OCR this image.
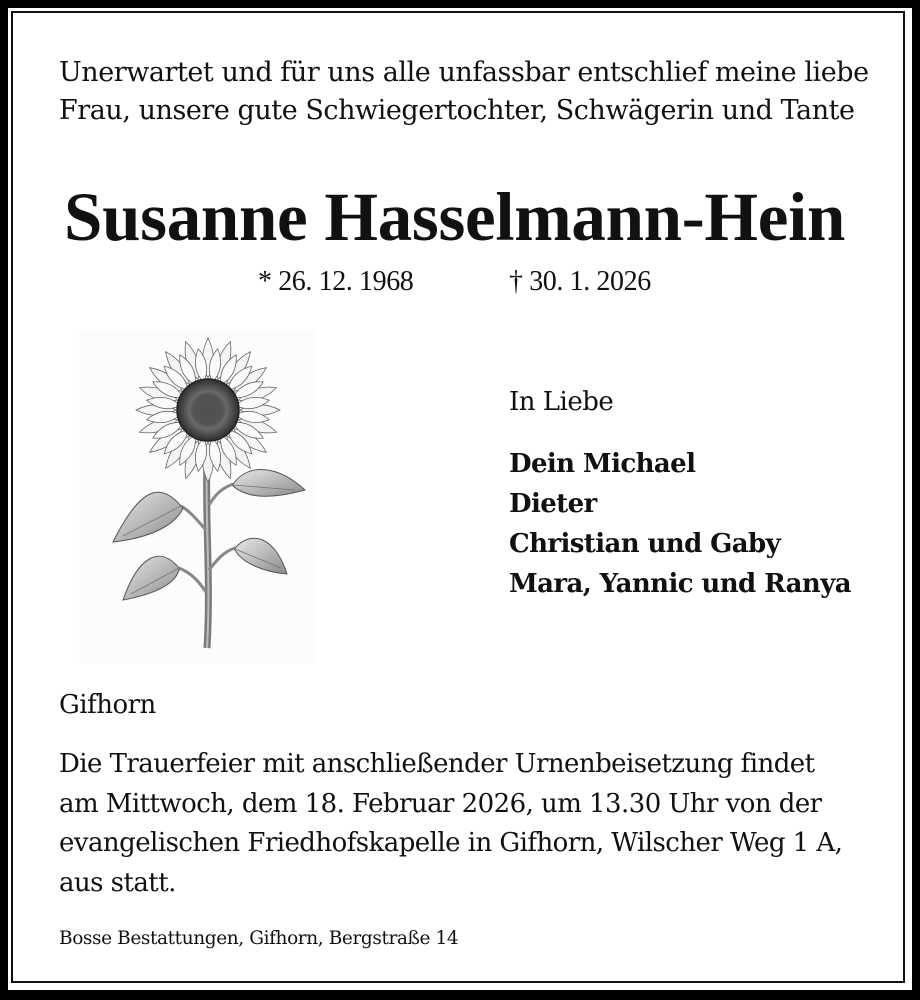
Unerwartet und für uns alle unfassbar entschlief meine liebe
Frau, unsere gute Schwiegertochter, Schwägerin und Tante
Susanne Hasselmann-Hein
* 26. 12. 1968	† 30. 1. 2026
In Liebe
Dein Michael
Dieter
Christian und Gaby
Mara, Yannic und Ranya
Gifhorn
Die Trauerfeier mit anschließender Urnenbeisetzung findet
am Mittwoch, dem 18. Februar 2026, um 13.30 Uhr von der
evangelischen Friedhofskapelle in Gifhorn, Wilscher Weg 1 A,
aus statt.
Bosse Bestattungen, Gifhorn, Bergstraße 14
